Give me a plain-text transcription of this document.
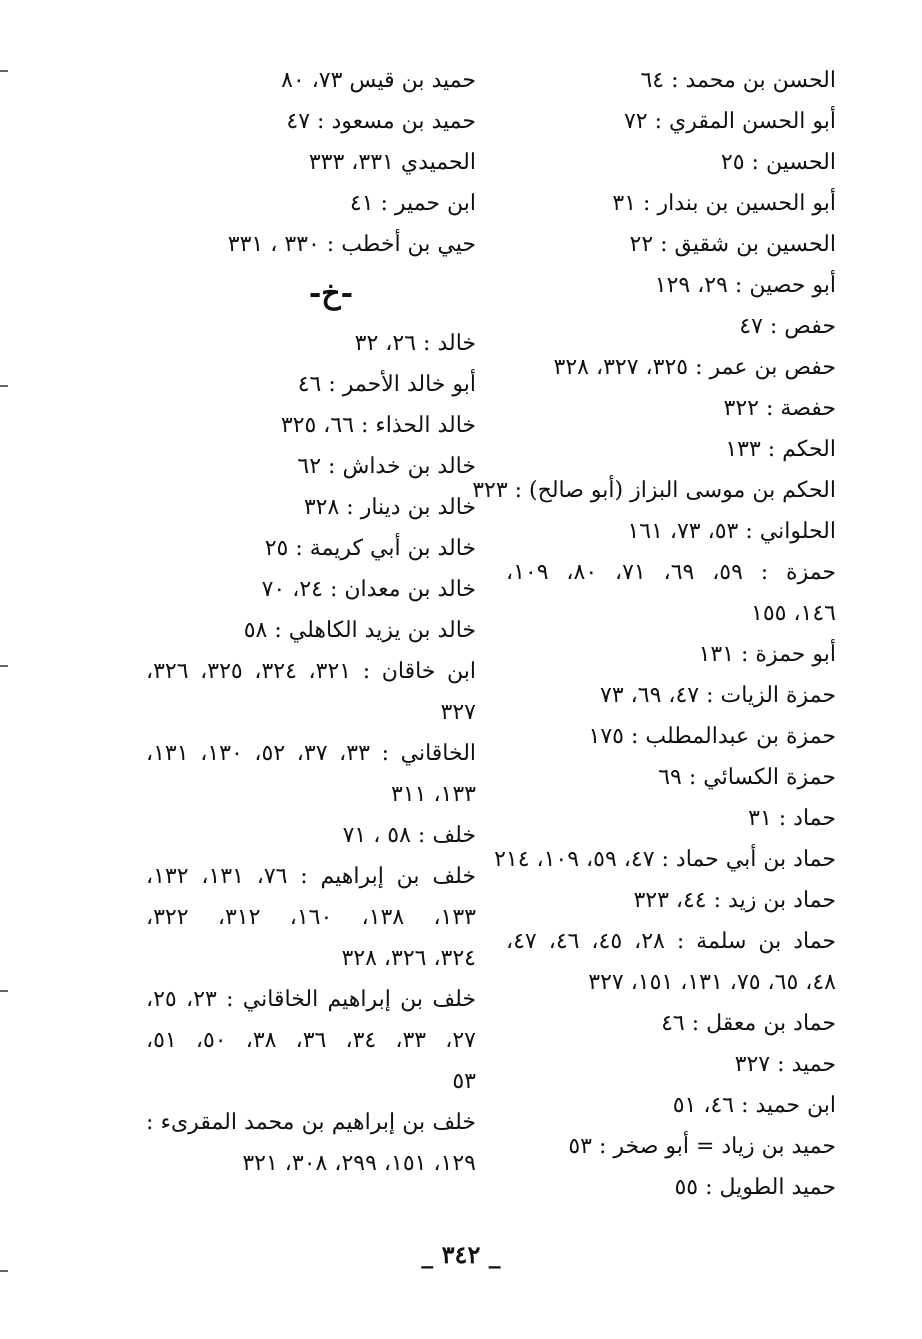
الحسن بن محمد : ٦٤
أبو الحسن المقري : ٧٢
الحسين : ٢٥
أبو الحسين بن بندار : ٣١
الحسين بن شقيق : ٢٢
أبو حصين : ٢٩، ١٢٩
حفص : ٤٧
حفص بن عمر : ٣٢٥، ٣٢٧، ٣٢٨
حفصة : ٣٢٢
الحكم : ١٣٣
الحكم بن موسى البزاز (أبو صالح) : ٣٢٣
الحلواني : ٥٣، ٧٣، ١٦١
حمزة : ٥٩، ٦٩، ٧١، ٨٠، ١٠٩،
١٤٦، ١٥٥
أبو حمزة : ١٣١
حمزة الزيات : ٤٧، ٦٩، ٧٣
حمزة بن عبدالمطلب : ١٧٥
حمزة الكسائي : ٦٩
حماد : ٣١
حماد بن أبي حماد : ٤٧، ٥٩، ١٠٩، ٢١٤
حماد بن زيد : ٤٤، ٣٢٣
حماد بن سلمة : ٢٨، ٤٥، ٤٦، ٤٧،
٤٨، ٦٥، ٧٥، ١٣١، ١٥١، ٣٢٧
حماد بن معقل : ٤٦
حميد : ٣٢٧
ابن حميد : ٤٦، ٥١
حميد بن زياد = أبو صخر : ٥٣
حميد الطويل : ٥٥
حميد بن قيس ٧٣، ٨٠
حميد بن مسعود : ٤٧
الحميدي ٣٣١، ٣٣٣
ابن حمير : ٤١
حيي بن أخطب : ٣٣٠ ، ٣٣١
-خ-
خالد : ٢٦، ٣٢
أبو خالد الأحمر : ٤٦
خالد الحذاء : ٦٦، ٣٢٥
خالد بن خداش : ٦٢
خالد بن دينار : ٣٢٨
خالد بن أبي كريمة : ٢٥
خالد بن معدان : ٢٤، ٧٠
خالد بن يزيد الكاهلي : ٥٨
ابن خاقان : ٣٢١، ٣٢٤، ٣٢٥، ٣٢٦،
٣٢٧
الخاقاني : ٣٣، ٣٧، ٥٢، ١٣٠، ١٣١،
١٣٣، ٣١١
خلف : ٥٨ ، ٧١
خلف بن إبراهيم : ٧٦، ١٣١، ١٣٢،
١٣٣، ١٣٨، ١٦٠، ٣١٢، ٣٢٢،
٣٢٤، ٣٢٦، ٣٢٨
خلف بن إبراهيم الخاقاني : ٢٣، ٢٥،
٢٧، ٣٣، ٣٤، ٣٦، ٣٨، ٥٠، ٥١،
٥٣
خلف بن إبراهيم بن محمد المقرىء :
١٢٩، ١٥١، ٢٩٩، ٣٠٨، ٣٢١
_ ٣٤٢ _
